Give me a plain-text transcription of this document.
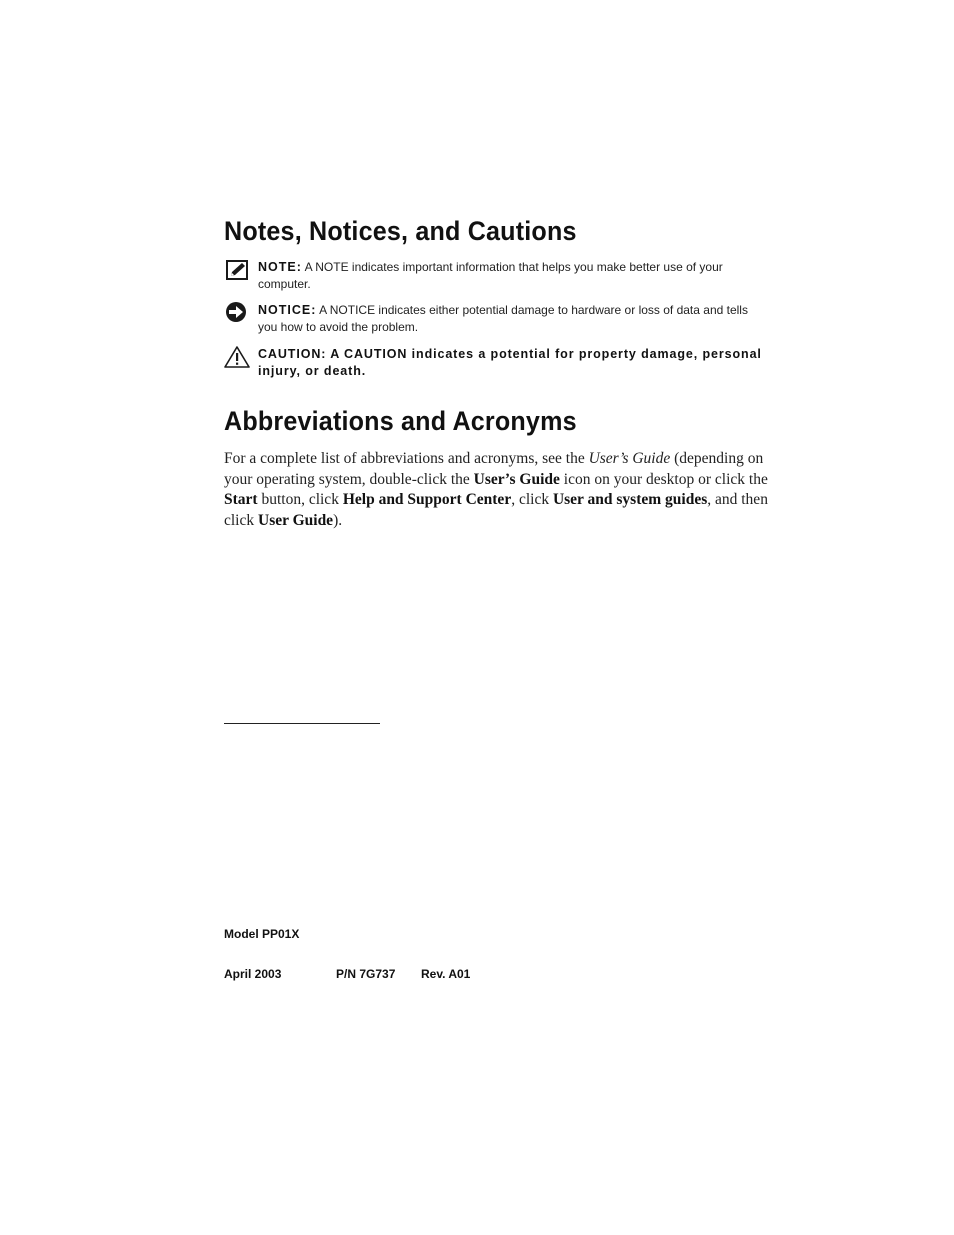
Notes, Notices, and Cautions
NOTE: A NOTE indicates important information that helps you make better use of your computer.
NOTICE: A NOTICE indicates either potential damage to hardware or loss of data and tells you how to avoid the problem.
CAUTION: A CAUTION indicates a potential for property damage, personal injury, or death.
Abbreviations and Acronyms

For a complete list of abbreviations and acronyms, see the User’s Guide (depending on your operating system, double-click the User’s Guide icon on your desktop or click the Start button, click Help and Support Center, click User and system guides, and then click User Guide).

Model PP01X
April 2003	P/N 7G737 Rev. A01
